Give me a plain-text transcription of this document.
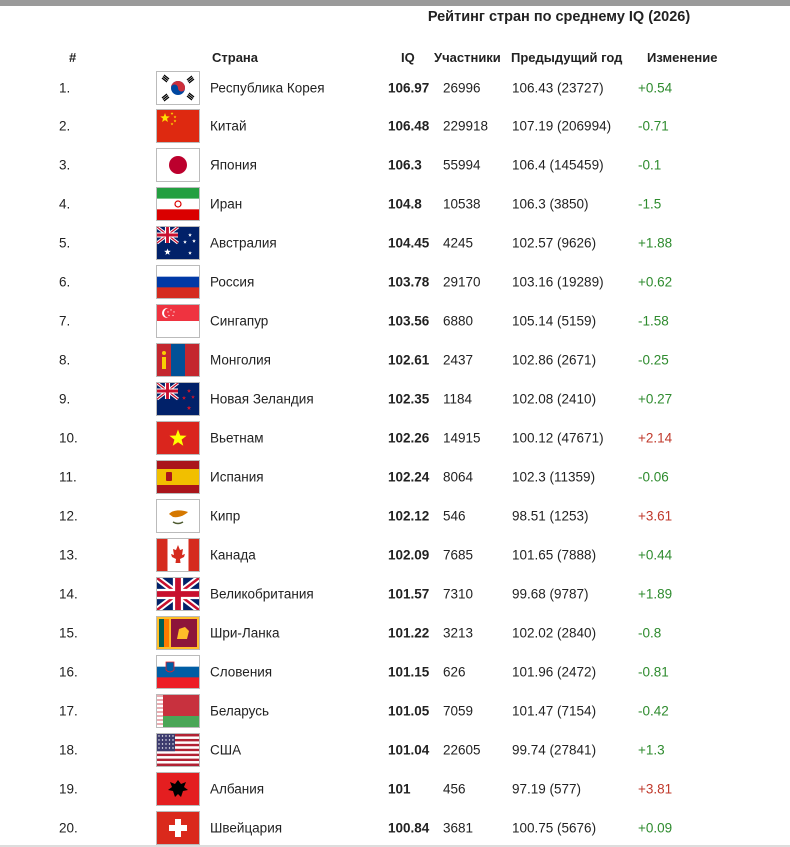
Рейтинг стран по среднему IQ (2026)
#	Страна	IQ Участники Предыдущий год Изменение
1.	Республика Корея	106.97 26996 106.43 (23727)	+0.54
2.	Китай	106.48 229918 107.19 (206994) -0.71
3.	Япония	106.3 55994 106.4 (145459)	-0.1
4.	Иран	104.8 10538 106.3 (3850)	-1.5
5.	Австралия	104.45 4245	102.57 (9626)	+1.88
6.	Россия	103.78 29170 103.16 (19289)	+0.62
7.	Сингапур	103.56 6880	105.14 (5159)	-1.58
8.	Монголия	102.61 2437	102.86 (2671)	-0.25
9.	Новая Зеландия	102.35 1184	102.08 (2410)	+0.27
10.	Вьетнам	102.26 14915 100.12 (47671)	+2.14
11.	Испания	102.24 8064	102.3 (11359)	-0.06
12.	Кипр	102.12 546	98.51 (1253)	+3.61
13.	Канада	102.09 7685	101.65 (7888)	+0.44
14.	Великобритания	101.57 7310	99.68 (9787)	+1.89
15.	Шри-Ланка	101.22 3213	102.02 (2840)	-0.8
16.	Словения	101.15 626	101.96 (2472)	-0.81
17.	Беларусь	101.05 7059	101.47 (7154)	-0.42
18.	США	101.04 22605 99.74 (27841)	+1.3
19.	Албания	101 456	97.19 (577)	+3.81
20.	Швейцария	100.84 3681	100.75 (5676)	+0.09
